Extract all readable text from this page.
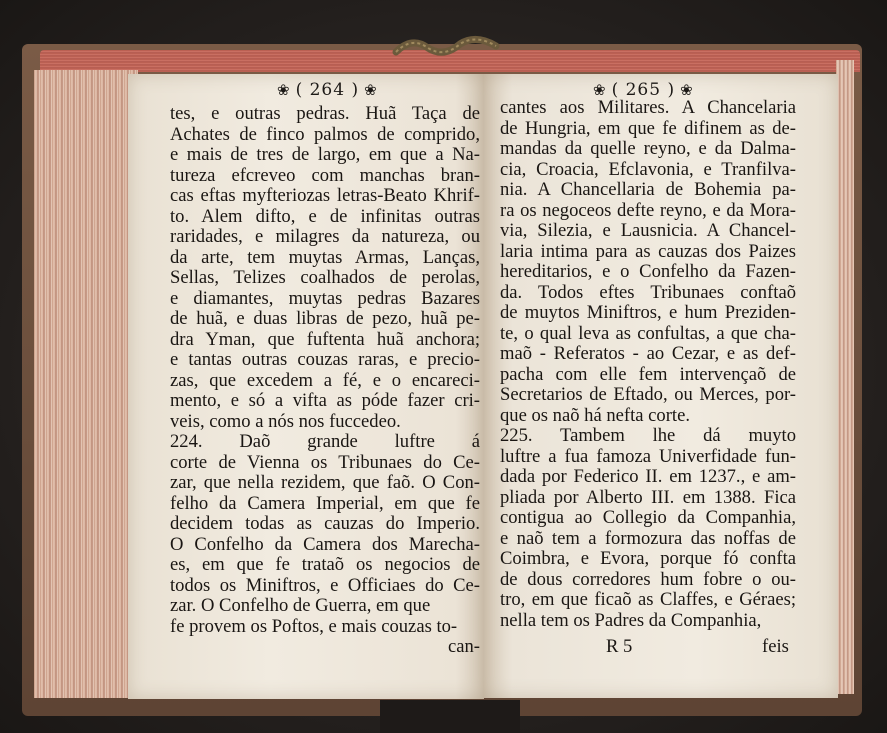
❀ ( 264 ) ❀	❀ ( 265 ) ❀
tes, e outras pedras. Huã Taça de
Achates de finco palmos de comprido,
e mais de tres de largo, em que a Na-
tureza efcreveo com manchas bran-
cas eftas myfteriozas letras-Beato Khrif-
to. Alem difto, e de infinitas outras
raridades, e milagres da natureza, ou
da arte, tem muytas Armas, Lanças,
Sellas, Telizes coalhados de perolas,
e diamantes, muytas pedras Bazares
de huã, e duas libras de pezo, huã pe-
dra Yman, que fuftenta huã anchora;
e tantas outras couzas raras, e precio-
zas, que excedem a fé, e o encareci-
mento, e só a vifta as póde fazer cri-
veis, como a nós nos fuccedeo.
224. Daõ grande luftre á
corte de Vienna os Tribunaes do Ce-
zar, que nella rezidem, que faõ. O Con-
felho da Camera Imperial, em que fe
decidem todas as cauzas do Imperio.
O Confelho da Camera dos Marecha-
es, em que fe trataõ os negocios de
todos os Miniftros, e Officiaes do Ce-
zar. O Confelho de Guerra, em que
fe provem os Poftos, e mais couzas to-
can-
cantes aos Militares. A Chancelaria
de Hungria, em que fe difinem as de-
mandas da quelle reyno, e da Dalma-
cia, Croacia, Efclavonia, e Tranfilva-
nia. A Chancellaria de Bohemia pa-
ra os negoceos defte reyno, e da Mora-
via, Silezia, e Lausnicia. A Chancel-
laria intima para as cauzas dos Paizes
hereditarios, e o Confelho da Fazen-
da. Todos eftes Tribunaes conftaõ
de muytos Miniftros, e hum Preziden-
te, o qual leva as confultas, a que cha-
maõ - Referatos - ao Cezar, e as def-
pacha com elle fem intervençaõ de
Secretarios de Eftado, ou Merces, por-
que os naõ há nefta corte.
225. Tambem lhe dá muyto
luftre a fua famoza Univerfidade fun-
dada por Federico II. em 1237., e am-
pliada por Alberto III. em 1388. Fica
contigua ao Collegio da Companhia,
e naõ tem a formozura das noffas de
Coimbra, e Evora, porque fó confta
de dous corredores hum fobre o ou-
tro, em que ficaõ as Claffes, e Géraes;
nella tem os Padres da Companhia,
R 5	feis
